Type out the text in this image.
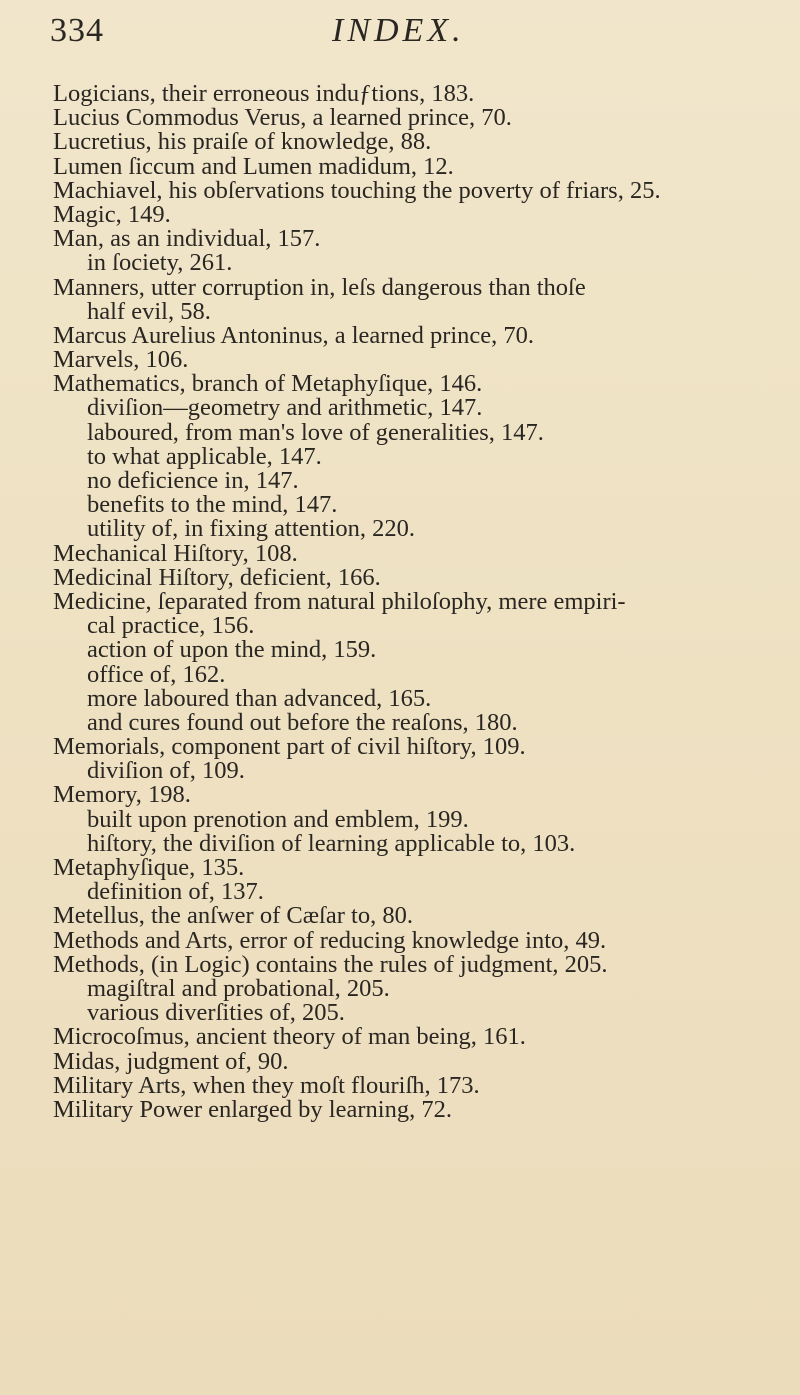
334	INDEX.
Logicians, their erroneous induƒtions, 183.
Lucius Commodus Verus, a learned prince, 70.
Lucretius, his praiſe of knowledge, 88.
Lumen ſiccum and Lumen madidum, 12.
Machiavel, his obſervations touching the poverty of friars, 25.
Magic, 149.
Man, as an individual, 157.
in ſociety, 261.
Manners, utter corruption in, leſs dangerous than thoſe
half evil, 58.
Marcus Aurelius Antoninus, a learned prince, 70.
Marvels, 106.
Mathematics, branch of Metaphyſique, 146.
diviſion—geometry and arithmetic, 147.
laboured, from man's love of generalities, 147.
to what applicable, 147.
no deficience in, 147.
benefits to the mind, 147.
utility of, in fixing attention, 220.
Mechanical Hiſtory, 108.
Medicinal Hiſtory, deficient, 166.
Medicine, ſeparated from natural philoſophy, mere empiri-
cal practice, 156.
action of upon the mind, 159.
office of, 162.
more laboured than advanced, 165.
and cures found out before the reaſons, 180.
Memorials, component part of civil hiſtory, 109.
diviſion of, 109.
Memory, 198.
built upon prenotion and emblem, 199.
hiſtory, the diviſion of learning applicable to, 103.
Metaphyſique, 135.
definition of, 137.
Metellus, the anſwer of Cæſar to, 80.
Methods and Arts, error of reducing knowledge into, 49.
Methods, (in Logic) contains the rules of judgment, 205.
magiſtral and probational, 205.
various diverſities of, 205.
Microcoſmus, ancient theory of man being, 161.
Midas, judgment of, 90.
Military Arts, when they moſt flouriſh, 173.
Military Power enlarged by learning, 72.
